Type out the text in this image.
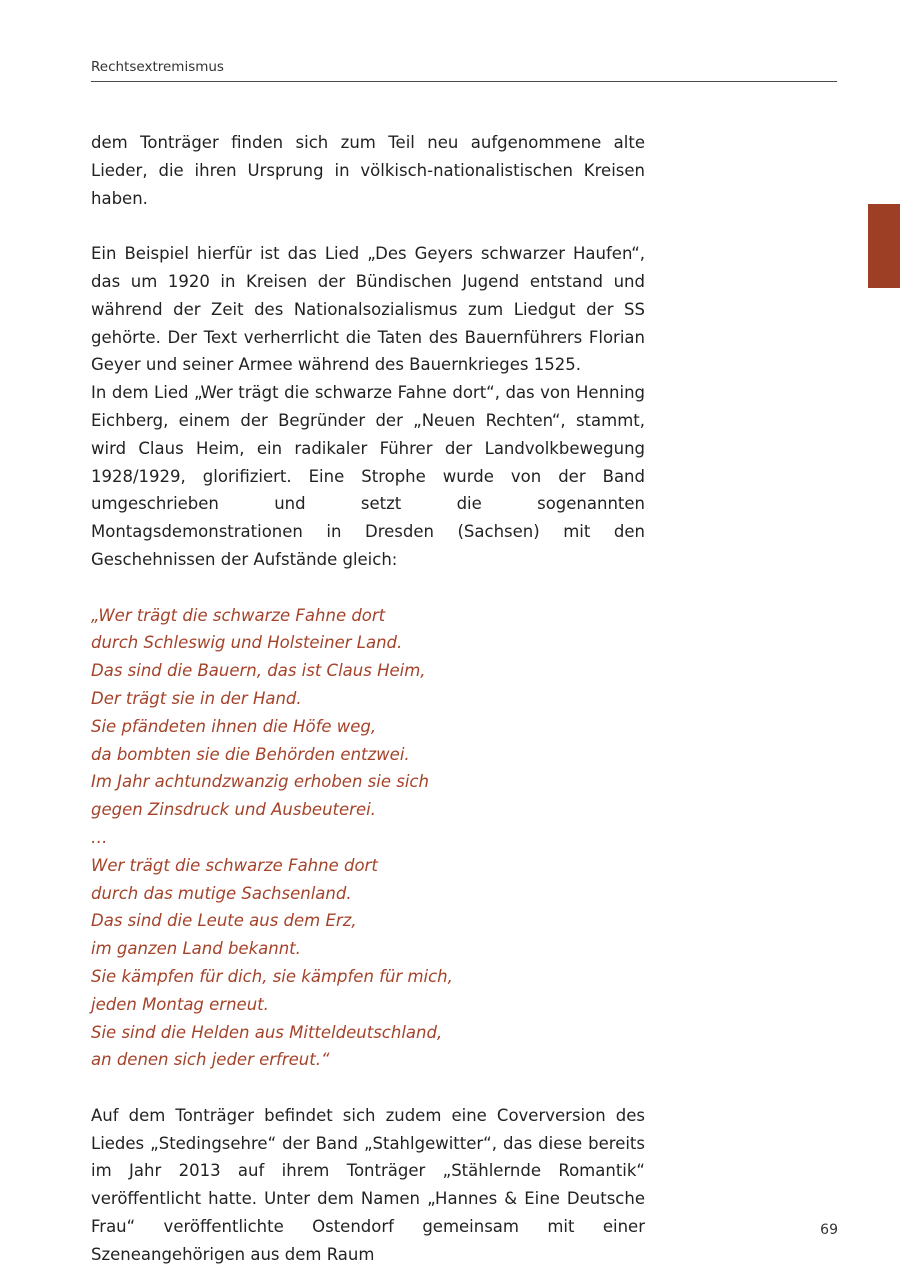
Rechtsextremismus

dem Tonträger finden sich zum Teil neu aufgenommene alte Lieder, die ihren Ursprung in völkisch-nationalistischen Kreisen haben.

Ein Beispiel hierfür ist das Lied „Des Geyers schwarzer Haufen“, das um 1920 in Kreisen der Bündischen Jugend entstand und während der Zeit des Nationalsozialismus zum Liedgut der SS gehörte. Der Text verherrlicht die Taten des Bauernführers Florian Geyer und seiner Armee während des Bauernkrieges 1525.

In dem Lied „Wer trägt die schwarze Fahne dort“, das von Henning Eichberg, einem der Begründer der „Neuen Rechten“, stammt, wird Claus Heim, ein radikaler Führer der Landvolkbewegung 1928/1929, glorifiziert. Eine Strophe wurde von der Band umgeschrieben und setzt die sogenannten Montagsdemonstrationen in Dresden (Sachsen) mit den Geschehnissen der Aufstände gleich:

„Wer trägt die schwarze Fahne dort
durch Schleswig und Holsteiner Land.
Das sind die Bauern, das ist Claus Heim,
Der trägt sie in der Hand.
Sie pfändeten ihnen die Höfe weg,
da bombten sie die Behörden entzwei.
Im Jahr achtundzwanzig erhoben sie sich
gegen Zinsdruck und Ausbeuterei.
…
Wer trägt die schwarze Fahne dort
durch das mutige Sachsenland.
Das sind die Leute aus dem Erz,
im ganzen Land bekannt.
Sie kämpfen für dich, sie kämpfen für mich,
jeden Montag erneut.
Sie sind die Helden aus Mitteldeutschland,
an denen sich jeder erfreut.“

Auf dem Tonträger befindet sich zudem eine Coverversion des Liedes „Stedingsehre“ der Band „Stahlgewitter“, das diese bereits im Jahr 2013 auf ihrem Tonträger „Stählernde Romantik“ veröffentlicht hatte. Unter dem Namen „Hannes & Eine Deutsche Frau“ veröffentlichte Ostendorf gemeinsam mit einer Szeneangehörigen aus dem Raum

69
